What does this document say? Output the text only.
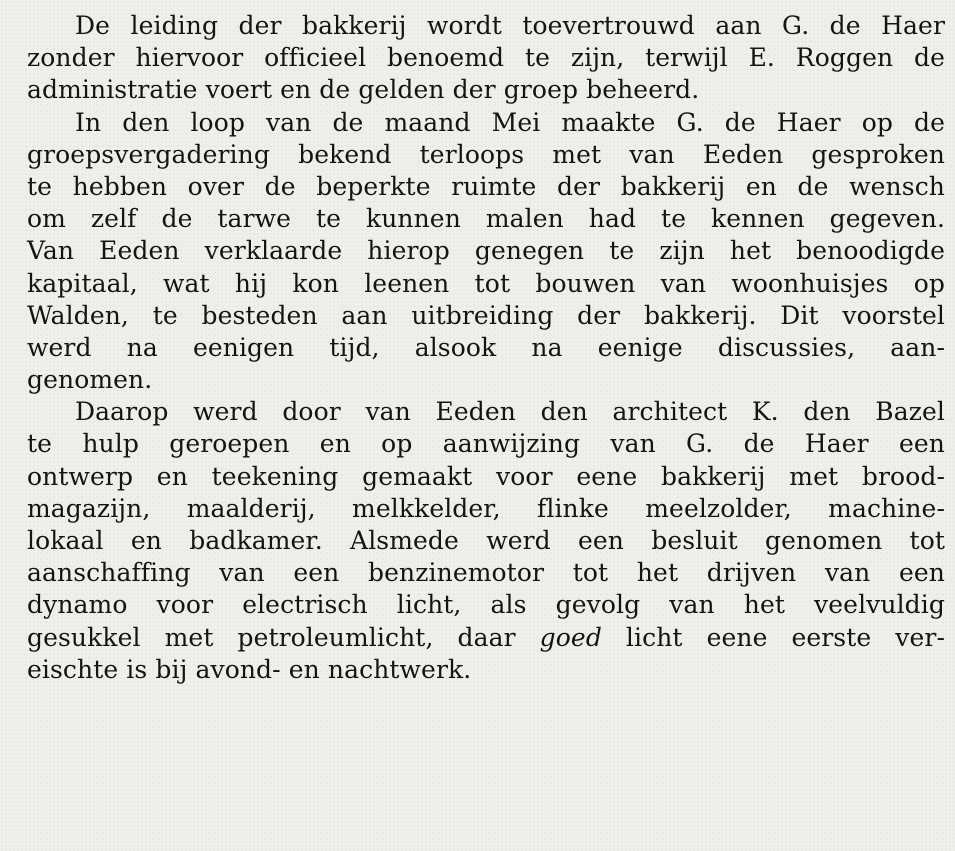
De leiding der bakkerij wordt toevertrouwd aan G. de Haer
zonder hiervoor officieel benoemd te zijn, terwijl E. Roggen de
administratie voert en de gelden der groep beheerd.
In den loop van de maand Mei maakte G. de Haer op de
groepsvergadering bekend terloops met van Eeden gesproken
te hebben over de beperkte ruimte der bakkerij en de wensch
om zelf de tarwe te kunnen malen had te kennen gegeven.
Van Eeden verklaarde hierop genegen te zijn het benoodigde
kapitaal, wat hij kon leenen tot bouwen van woonhuisjes op
Walden, te besteden aan uitbreiding der bakkerij. Dit voorstel
werd na eenigen tijd, alsook na eenige discussies, aan-
genomen.
Daarop werd door van Eeden den architect K. den Bazel
te hulp geroepen en op aanwijzing van G. de Haer een
ontwerp en teekening gemaakt voor eene bakkerij met brood-
magazijn, maalderij, melkkelder, flinke meelzolder, machine-
lokaal en badkamer. Alsmede werd een besluit genomen tot
aanschaffing van een benzinemotor tot het drijven van een
dynamo voor electrisch licht, als gevolg van het veelvuldig
gesukkel met petroleumlicht, daar goed licht eene eerste ver-
eischte is bij avond- en nachtwerk.
